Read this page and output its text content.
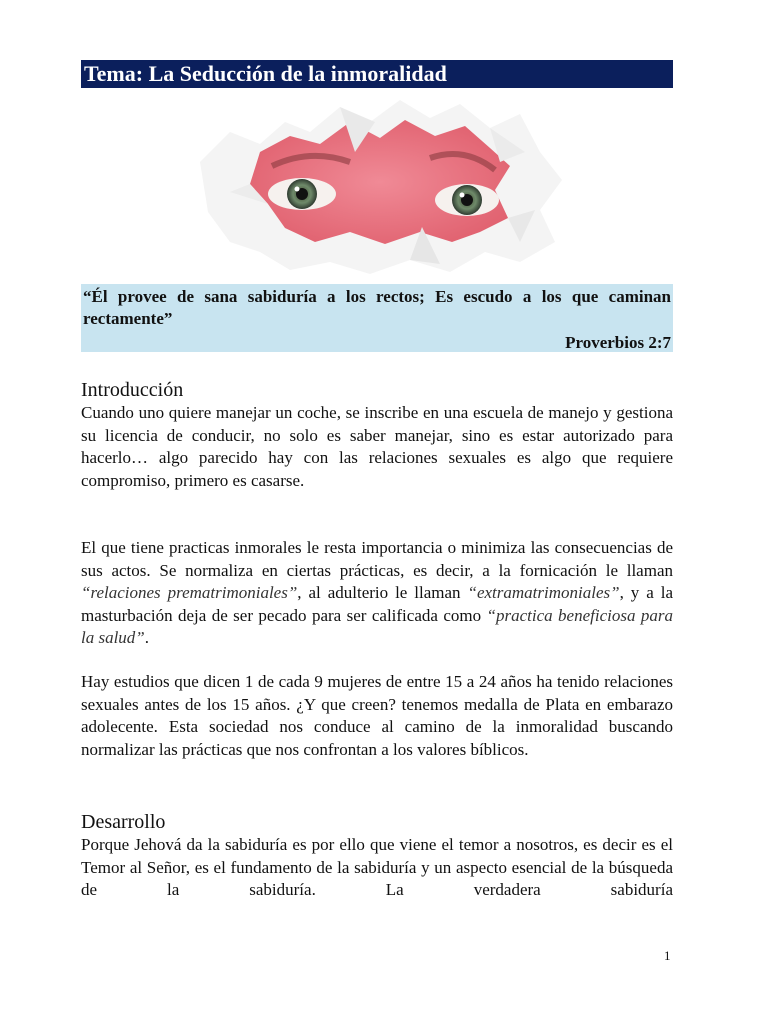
Tema: La Seducción de la inmoralidad
“Él provee de sana sabiduría a los rectos; Es escudo a los que caminan rectamente”
Proverbios 2:7
Introducción
Cuando uno quiere manejar un coche, se inscribe en una escuela de manejo y gestiona su licencia de conducir, no solo es saber manejar, sino es estar autorizado para hacerlo… algo parecido hay con las relaciones sexuales es algo que requiere compromiso, primero es casarse.
El que tiene practicas inmorales le resta importancia o minimiza las consecuencias de sus actos. Se normaliza en ciertas prácticas, es decir, a la fornicación le llaman “relaciones prematrimoniales”, al adulterio le llaman “extramatrimoniales”, y a la masturbación deja de ser pecado para ser calificada como “practica beneficiosa para la salud”.
Hay estudios que dicen 1 de cada 9 mujeres de entre 15 a 24 años ha tenido relaciones sexuales antes de los 15 años. ¿Y que creen? tenemos medalla de Plata en embarazo adolecente. Esta sociedad nos conduce al camino de la inmoralidad buscando normalizar las prácticas que nos confrontan a los valores bíblicos.
Desarrollo
Porque Jehová da la sabiduría es por ello que viene el temor a nosotros, es decir es el Temor al Señor, es el fundamento de la sabiduría y un aspecto esencial de la búsqueda de la sabiduría. La verdadera sabiduría
1
